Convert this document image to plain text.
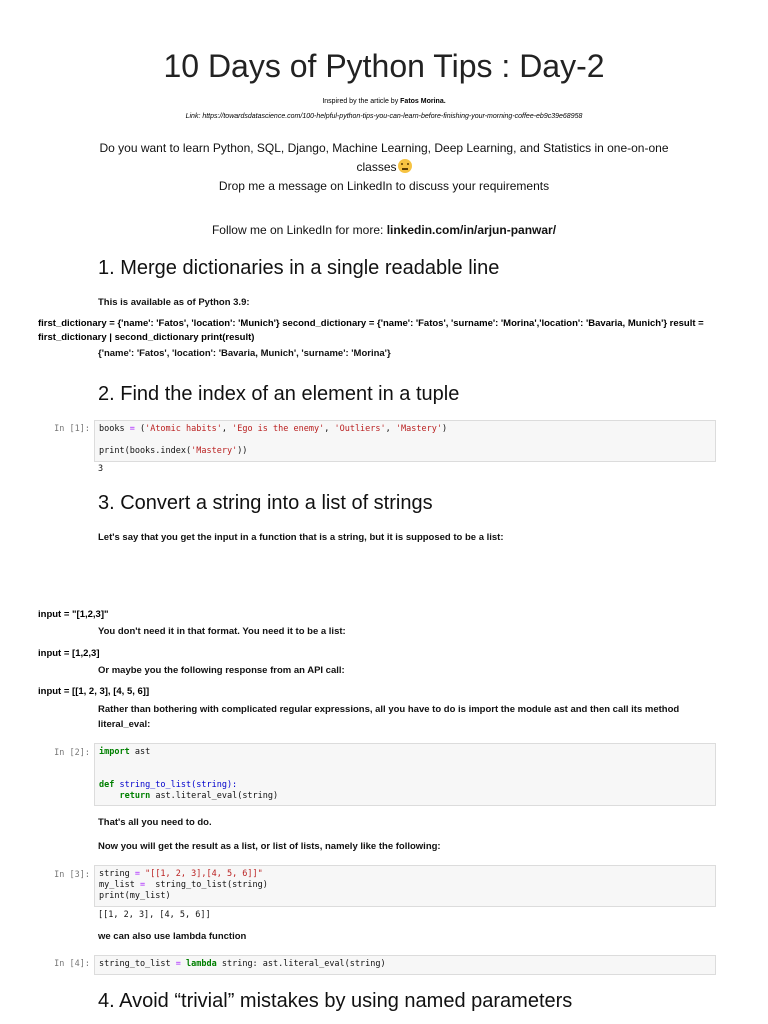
10 Days of Python Tips : Day-2
Inspired by the article by Fatos Morina.
Link: https://towardsdatascience.com/100-helpful-python-tips-you-can-learn-before-finishing-your-morning-coffee-eb9c39e68958
Do you want to learn Python, SQL, Django, Machine Learning, Deep Learning, and Statistics in one-on-one
classes
Drop me a message on LinkedIn to discuss your requirements
Follow me on LinkedIn for more: linkedin.com/in/arjun-panwar/
1. Merge dictionaries in a single readable line
This is available as of Python 3.9:
first_dictionary = {'name': 'Fatos', 'location': 'Munich'} second_dictionary = {'name': 'Fatos', 'surname': 'Morina','location': 'Bavaria, Munich'} result =
first_dictionary | second_dictionary print(result)
{'name': 'Fatos', 'location': 'Bavaria, Munich', 'surname': 'Morina'}
2. Find the index of an element in a tuple
In [1]:	books = ('Atomic habits', 'Ego is the enemy', 'Outliers', 'Mastery')

print(books.index('Mastery'))
3
3. Convert a string into a list of strings
Let's say that you get the input in a function that is a string, but it is supposed to be a list:
input = "[1,2,3]"
You don't need it in that format. You need it to be a list:
input = [1,2,3]
Or maybe you the following response from an API call:
input = [[1, 2, 3], [4, 5, 6]]
Rather than bothering with complicated regular expressions, all you have to do is import the module ast and then call its method
literal_eval:
In [2]:	import ast

def string_to_list(string):
return ast.literal_eval(string)
That's all you need to do.
Now you will get the result as a list, or list of lists, namely like the following:
In [3]:	string = "[[1, 2, 3],[4, 5, 6]]"
my_list =  string_to_list(string)
print(my_list)
[[1, 2, 3], [4, 5, 6]]
we can also use lambda function
In [4]:	string_to_list = lambda string: ast.literal_eval(string)
4. Avoid “trivial” mistakes by using named parameters
